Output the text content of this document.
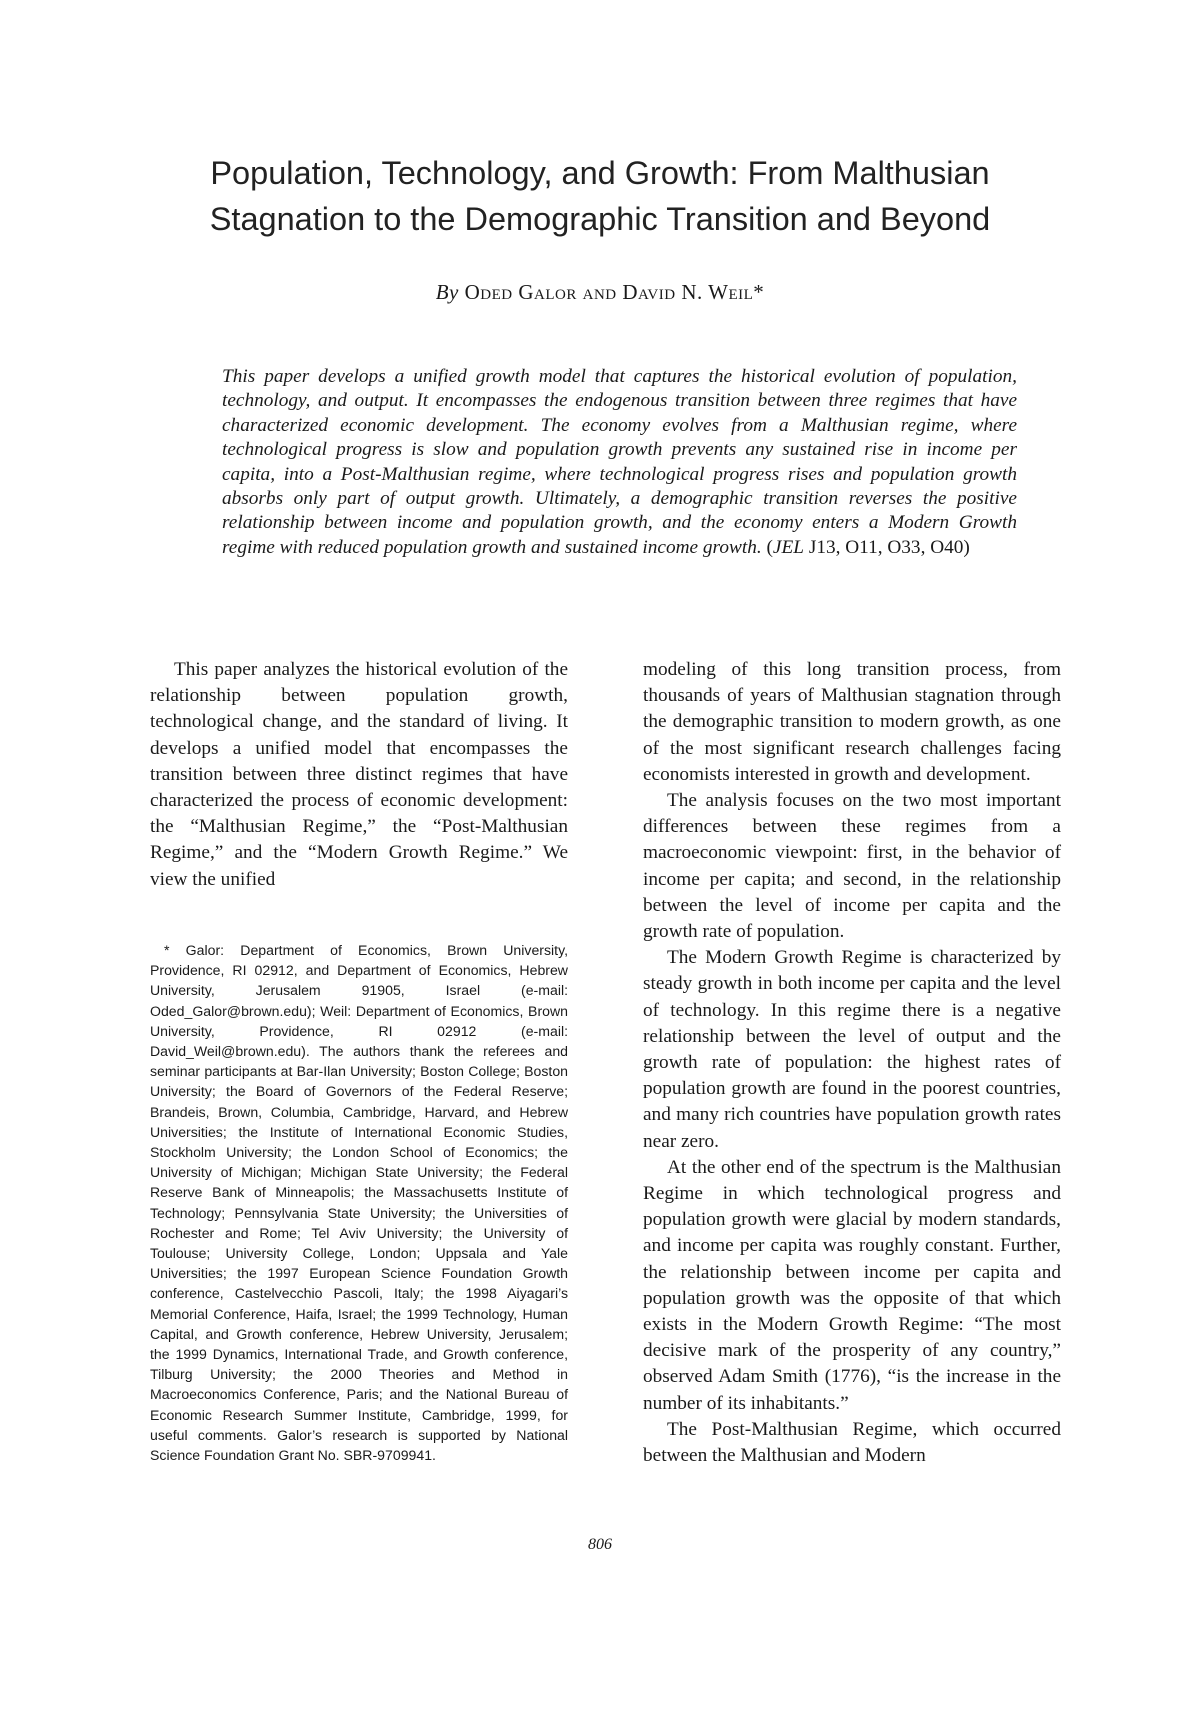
Population, Technology, and Growth: From Malthusian
Stagnation to the Demographic Transition and Beyond
By Oded Galor and David N. Weil*
This paper develops a unified growth model that captures the historical evolution of population, technology, and output. It encompasses the endogenous transition between three regimes that have characterized economic development. The economy evolves from a Malthusian regime, where technological progress is slow and population growth prevents any sustained rise in income per capita, into a Post-Malthusian regime, where technological progress rises and population growth absorbs only part of output growth. Ultimately, a demographic transition reverses the positive relationship between income and population growth, and the economy enters a Modern Growth regime with reduced population growth and sustained income growth. (JEL J13, O11, O33, O40)

This paper analyzes the historical evolution of the relationship between population growth, technological change, and the standard of living. It develops a unified model that encompasses the transition between three distinct regimes that have characterized the process of economic development: the “Malthusian Regime,” the “Post-Malthusian Regime,” and the “Modern Growth Regime.” We view the unified

* Galor: Department of Economics, Brown University, Providence, RI 02912, and Department of Economics, Hebrew University, Jerusalem 91905, Israel (e-mail: Oded_Galor@brown.edu); Weil: Department of Economics, Brown University, Providence, RI 02912 (e-mail: David_Weil@brown.edu). The authors thank the referees and seminar participants at Bar-Ilan University; Boston College; Boston University; the Board of Governors of the Federal Reserve; Brandeis, Brown, Columbia, Cambridge, Harvard, and Hebrew Universities; the Institute of International Economic Studies, Stockholm University; the London School of Economics; the University of Michigan; Michigan State University; the Federal Reserve Bank of Minneapolis; the Massachusetts Institute of Technology; Pennsylvania State University; the Universities of Rochester and Rome; Tel Aviv University; the University of Toulouse; University College, London; Uppsala and Yale Universities; the 1997 European Science Foundation Growth conference, Castelvecchio Pascoli, Italy; the 1998 Aiyagari’s Memorial Conference, Haifa, Israel; the 1999 Technology, Human Capital, and Growth conference, Hebrew University, Jerusalem; the 1999 Dynamics, International Trade, and Growth conference, Tilburg University; the 2000 Theories and Method in Macroeconomics Conference, Paris; and the National Bureau of Economic Research Summer Institute, Cambridge, 1999, for useful comments. Galor’s research is supported by National Science Foundation Grant No. SBR-9709941.

modeling of this long transition process, from thousands of years of Malthusian stagnation through the demographic transition to modern growth, as one of the most significant research challenges facing economists interested in growth and development.

The analysis focuses on the two most important differences between these regimes from a macroeconomic viewpoint: first, in the behavior of income per capita; and second, in the relationship between the level of income per capita and the growth rate of population.

The Modern Growth Regime is characterized by steady growth in both income per capita and the level of technology. In this regime there is a negative relationship between the level of output and the growth rate of population: the highest rates of population growth are found in the poorest countries, and many rich countries have population growth rates near zero.

At the other end of the spectrum is the Malthusian Regime in which technological progress and population growth were glacial by modern standards, and income per capita was roughly constant. Further, the relationship between income per capita and population growth was the opposite of that which exists in the Modern Growth Regime: “The most decisive mark of the prosperity of any country,” observed Adam Smith (1776), “is the increase in the number of its inhabitants.”

The Post-Malthusian Regime, which occurred between the Malthusian and Modern

806
